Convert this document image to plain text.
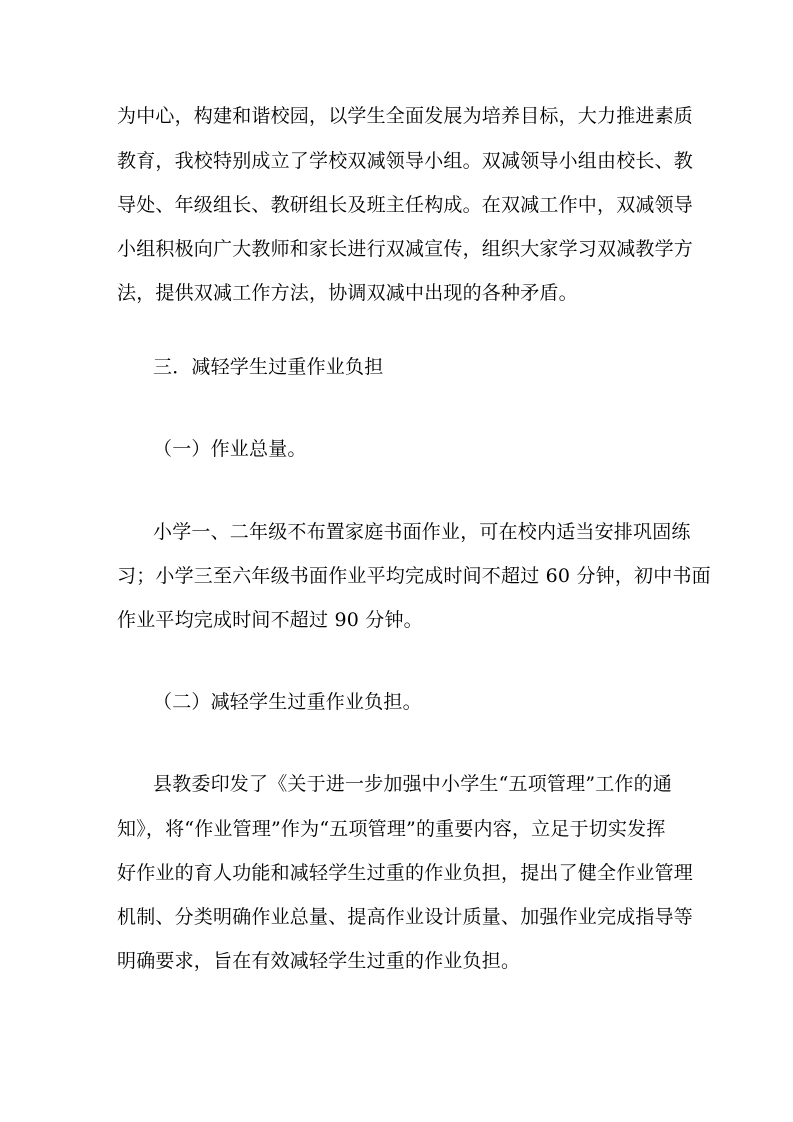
为中心，构建和谐校园，以学生全面发展为培养目标，大力推进素质
教育，我校特别成立了学校双减领导小组。双减领导小组由校长、教
导处、年级组长、教研组长及班主任构成。在双减工作中，双减领导
小组积极向广大教师和家长进行双减宣传，组织大家学习双减教学方
法，提供双减工作方法，协调双减中出现的各种矛盾。
三．减轻学生过重作业负担
（一）作业总量。
小学一、二年级不布置家庭书面作业，可在校内适当安排巩固练
习；小学三至六年级书面作业平均完成时间不超过 60 分钟，初中书面
作业平均完成时间不超过 90 分钟。
（二）减轻学生过重作业负担。
县教委印发了《关于进一步加强中小学生“五项管理”工作的通
知》，将“作业管理”作为“五项管理”的重要内容，立足于切实发挥
好作业的育人功能和减轻学生过重的作业负担，提出了健全作业管理
机制、分类明确作业总量、提高作业设计质量、加强作业完成指导等
明确要求，旨在有效减轻学生过重的作业负担。
